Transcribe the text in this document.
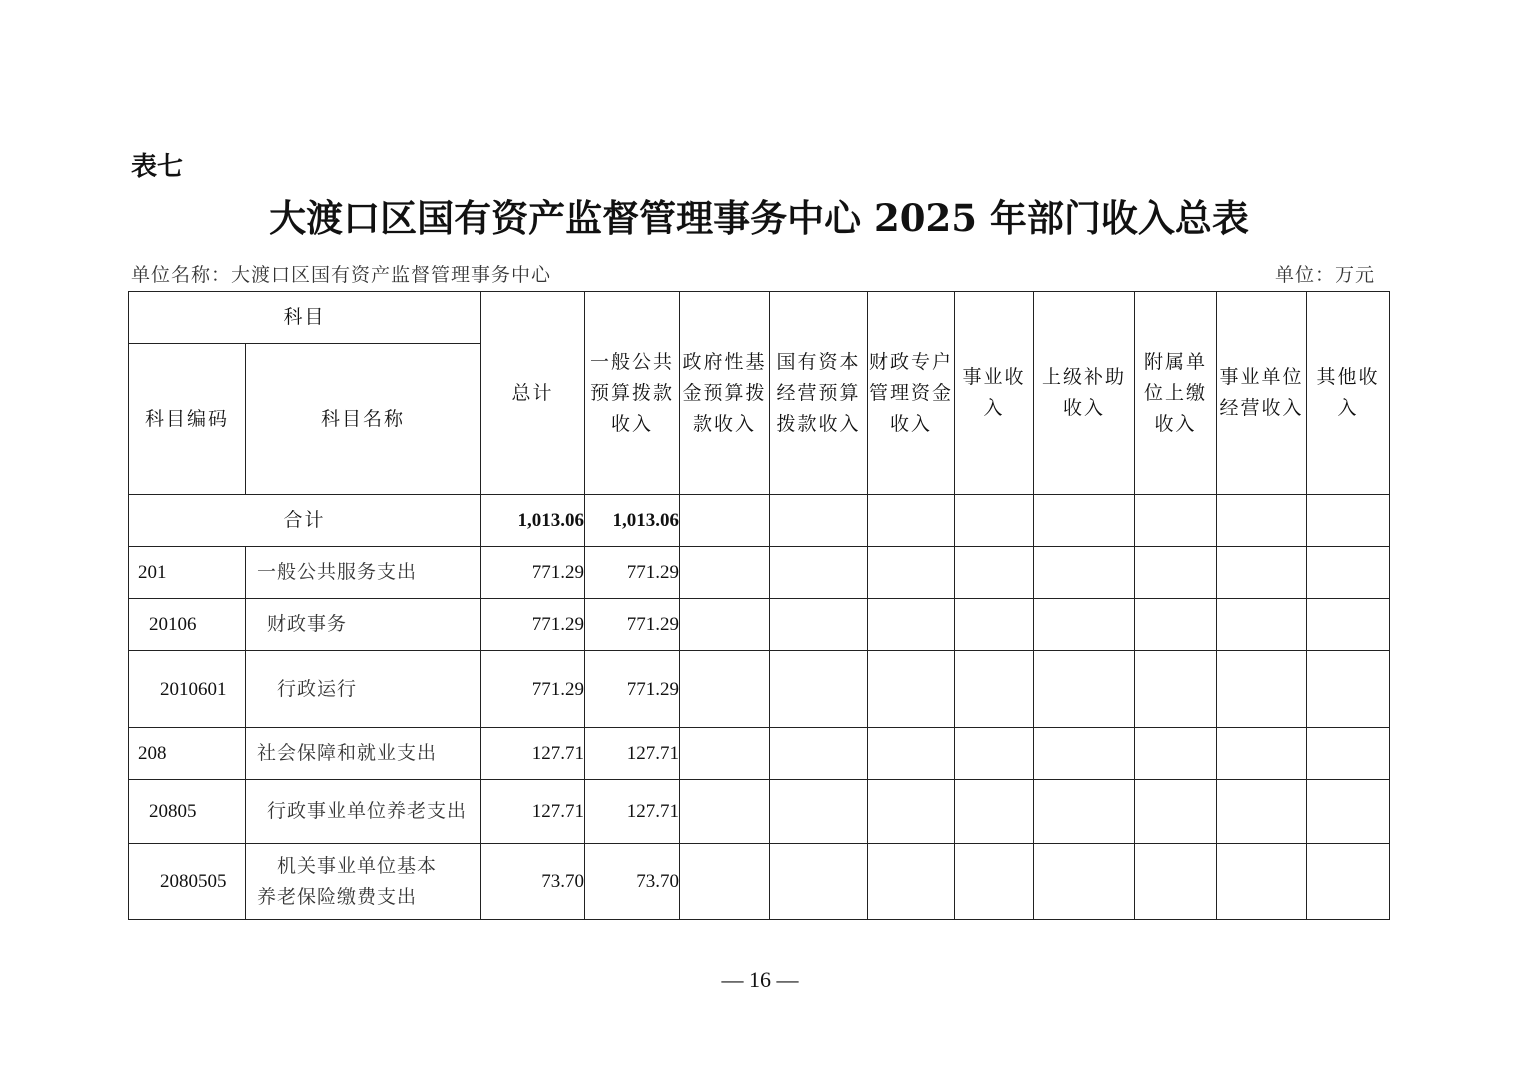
表七
大渡口区国有资产监督管理事务中心 2025 年部门收入总表
单位名称：大渡口区国有资产监督管理事务中心	单位：万元
科目		总计	一般公共预算拨款收入	政府性基金预算拨款收入	国有资本经营预算拨款收入	财政专户管理资金收入	事业收入	上级补助收入	附属单位上缴收入	事业单位经营收入	其他收入
科目编码	科目名称										
合计		1,013.06	1,013.06								
201	一般公共服务支出	771.29	771.29								
20106	财政事务	771.29	771.29								
2010601	行政运行	771.29	771.29								
208	社会保障和就业支出	127.71	127.71								
20805	行政事业单位养老支出	127.71	127.71								
2080505	机关事业单位基本养老保险缴费支出	73.70	73.70								
— 16 —
